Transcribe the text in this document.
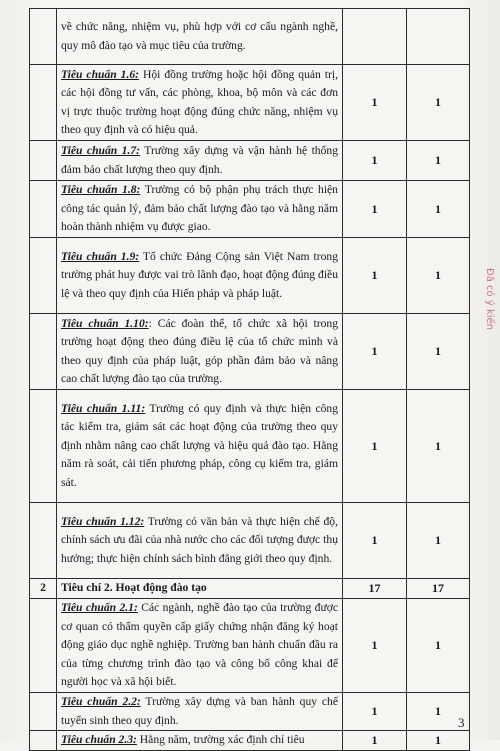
	về chức năng, nhiệm vụ, phù hợp với cơ cấu ngành nghề, quy mô đào tạo và mục tiêu của trường.		
	Tiêu chuẩn 1.6: Hội đồng trường hoặc hội đồng quản trị, các hội đồng tư vấn, các phòng, khoa, bộ môn và các đơn vị trực thuộc trường hoạt động đúng chức năng, nhiệm vụ theo quy định và có hiệu quả.	1	1
	Tiêu chuẩn 1.7: Trường xây dựng và vận hành hệ thống đảm bảo chất lượng theo quy định.	1	1
	Tiêu chuẩn 1.8: Trường có bộ phận phụ trách thực hiện công tác quản lý, đảm bảo chất lượng đào tạo và hằng năm hoàn thành nhiệm vụ được giao.	1	1
	Tiêu chuẩn 1.9: Tổ chức Đảng Cộng sản Việt Nam trong trường phát huy được vai trò lãnh đạo, hoạt động đúng điều lệ và theo quy định của Hiến pháp và pháp luật.	1	1
	Tiêu chuẩn 1.10:: Các đoàn thể, tổ chức xã hội trong trường hoạt động theo đúng điều lệ của tổ chức mình và theo quy định của pháp luật, góp phần đảm bảo và nâng cao chất lượng đào tạo của trường.	1	1
	Tiêu chuẩn 1.11: Trường có quy định và thực hiện công tác kiểm tra, giám sát các hoạt động của trường theo quy định nhằm nâng cao chất lượng và hiệu quả đào tạo. Hằng năm rà soát, cải tiến phương pháp, công cụ kiểm tra, giám sát.	1	1
	Tiêu chuẩn 1.12: Trường có văn bản và thực hiện chế độ, chính sách ưu đãi của nhà nước cho các đối tượng được thụ hưởng; thực hiện chính sách bình đẳng giới theo quy định.	1	1
2	Tiêu chí 2. Hoạt động đào tạo	17	17
	Tiêu chuẩn 2.1: Các ngành, nghề đào tạo của trường được cơ quan có thẩm quyền cấp giấy chứng nhận đăng ký hoạt động giáo dục nghề nghiệp. Trường ban hành chuẩn đầu ra của từng chương trình đào tạo và công bố công khai để người học và xã hội biết.	1	1
	Tiêu chuẩn 2.2: Trường xây dựng và ban hành quy chế tuyển sinh theo quy định.	1	1
	Tiêu chuẩn 2.3: Hằng năm, trường xác định chỉ tiêu	1	1
Đã có ý kiến
3
